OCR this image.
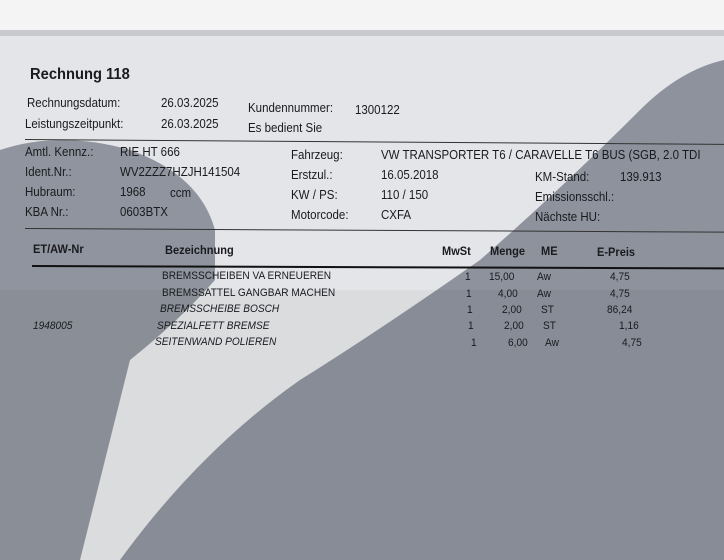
Rechnung 118
Rechnungsdatum:	26.03.2025 Kundennummer: 1300122
Leistungszeitpunkt:	26.03.2025 Es bedient Sie
Amtl. Kennz.: RIE HT 666
Ident.Nr.:	WV2ZZZ7HZJH141504
Hubraum:	1968 ccm
KBA Nr.:	0603BTX
Fahrzeug:	VW TRANSPORTER T6 / CARAVELLE T6 BUS (SGB, 2.0 TDI
Erstzul.:	16.05.2018
KW / PS:	110 / 150
Motorcode:	CXFA
KM-Stand: 139.913
Emissionsschl.:
Nächste HU:
ET/AW-Nr	Bezeichnung	MwSt Menge ME	E-Preis
BREMSSCHEIBEN VA ERNEUEREN	1 15,00 Aw	4,75
BREMSSATTEL GANGBAR MACHEN	1 4,00 Aw	4,75
BREMSSCHEIBE BOSCH	1	2,00 ST	86,24
1948005	SPEZIALFETT BREMSE	1	2,00 ST	1,16
SEITENWAND POLIEREN	1	6,00 Aw	4,75
